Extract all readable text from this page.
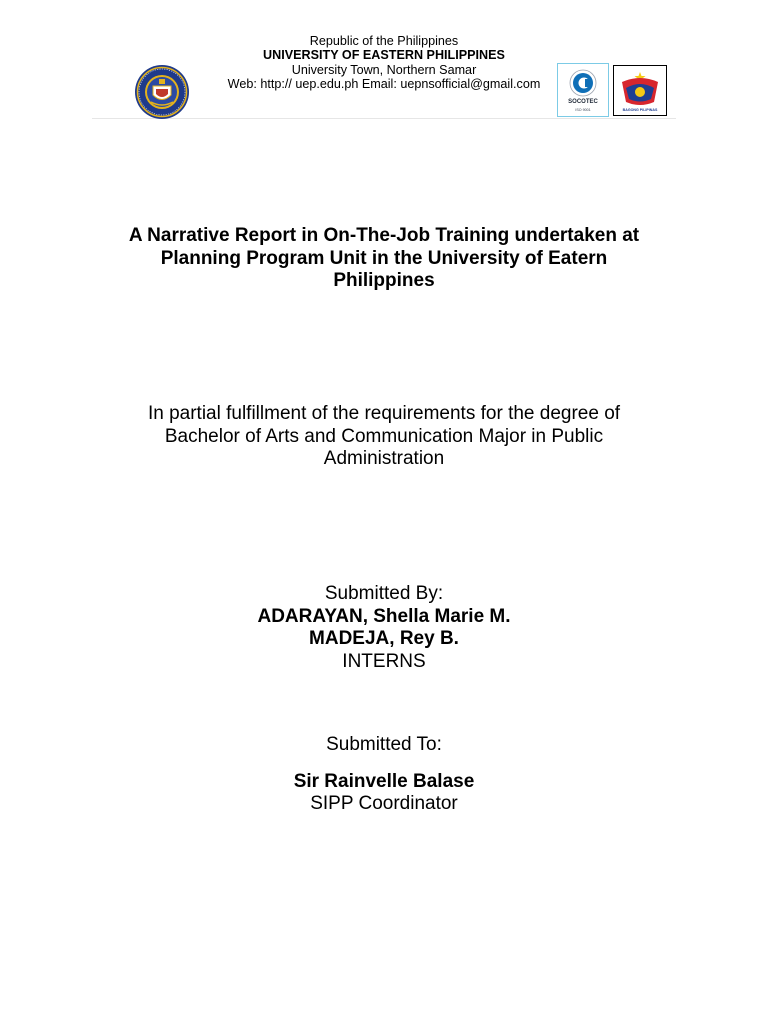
Republic of the Philippines
UNIVERSITY OF EASTERN PHILIPPINES
University Town, Northern Samar
Web: http:// uep.edu.ph Email: uepnsofficial@gmail.com
SOCOTEC
ISO 9001	BAGONG PILIPINAS
A Narrative Report in On-The-Job Training undertaken at
Planning Program Unit in the University of Eatern
Philippines
In partial fulfillment of the requirements for the degree of
Bachelor of Arts and Communication Major in Public
Administration
Submitted By:
ADARAYAN, Shella Marie M.
MADEJA, Rey B.
INTERNS
Submitted To:
Sir Rainvelle Balase
SIPP Coordinator
